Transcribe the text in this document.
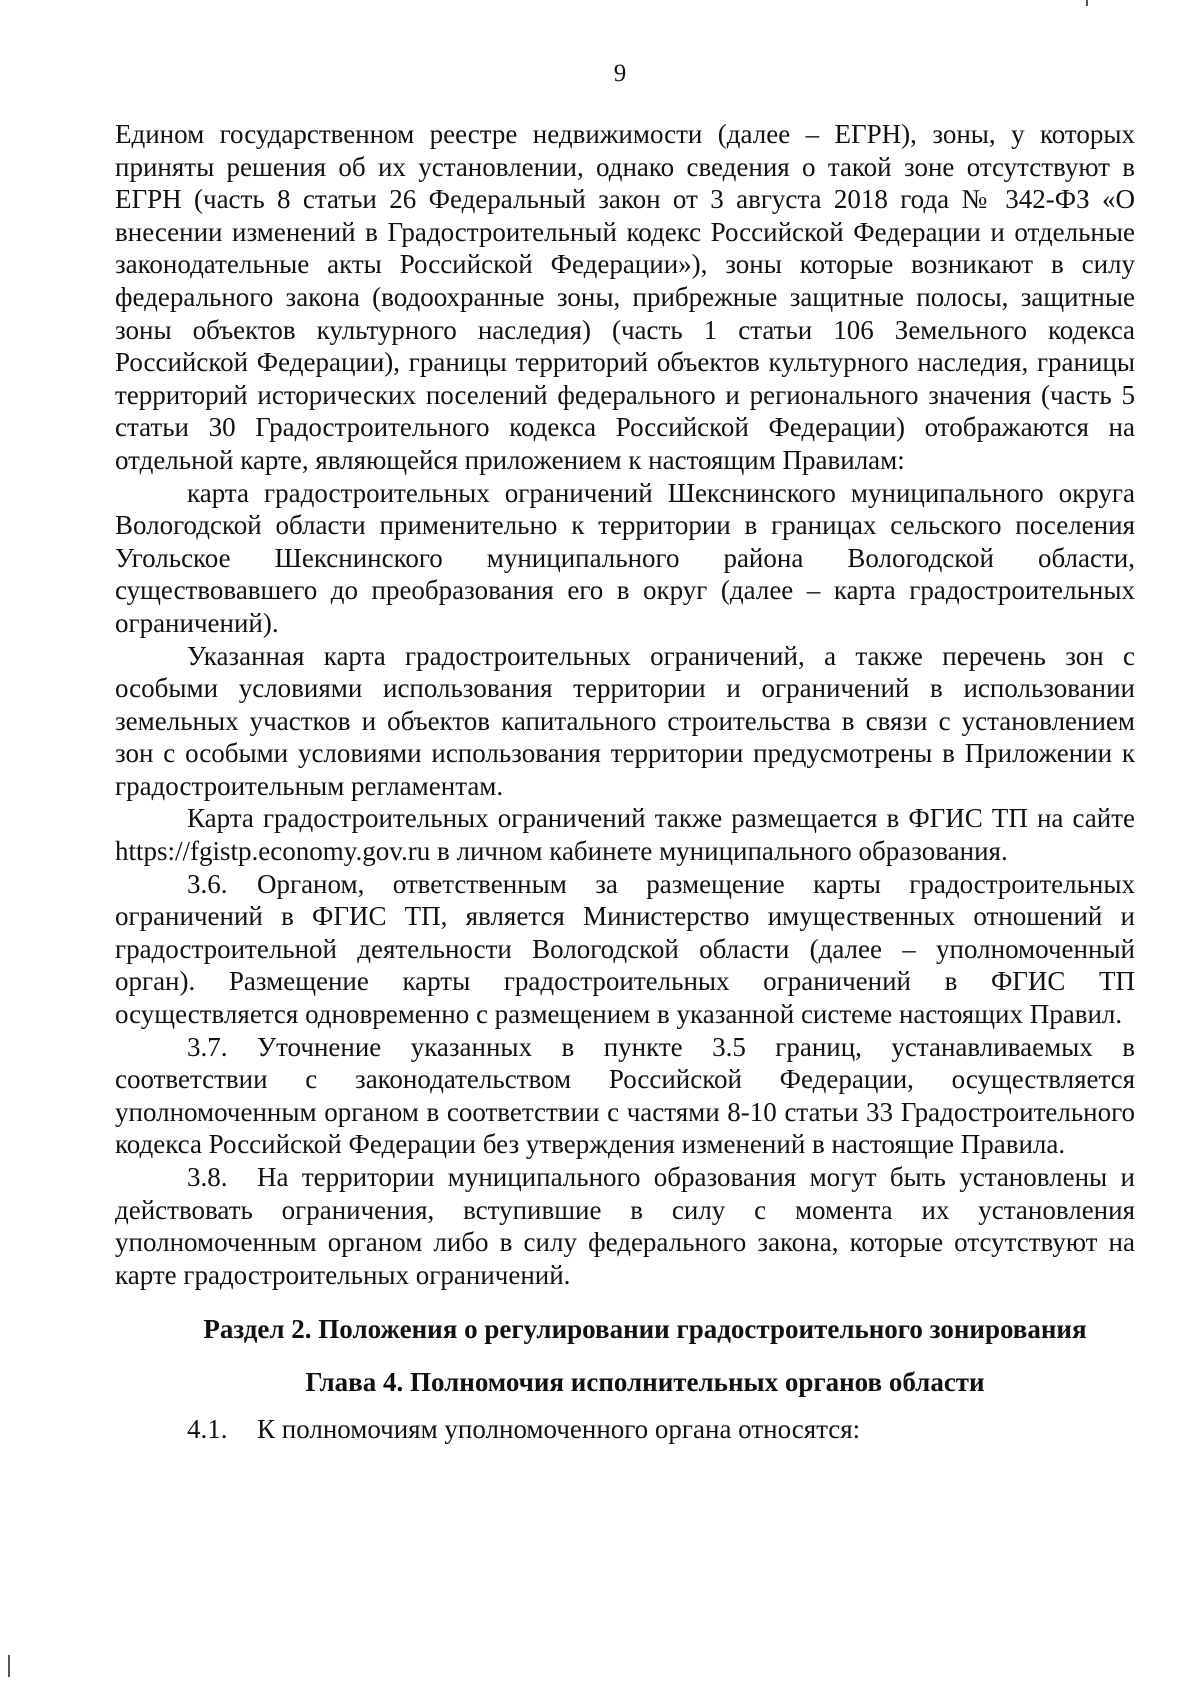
9

Едином государственном реестре недвижимости (далее – ЕГРН), зоны, у которых приняты решения об их установлении, однако сведения о такой зоне отсутствуют в ЕГРН (часть 8 статьи 26 Федеральный закон от 3 августа 2018 года № 342-ФЗ «О внесении изменений в Градостроительный кодекс Российской Федерации и отдельные законодательные акты Российской Федерации»), зоны которые возникают в силу федерального закона (водоохранные зоны, прибрежные защитные полосы, защитные зоны объектов культурного наследия) (часть 1 статьи 106 Земельного кодекса Российской Федерации), границы территорий объектов культурного наследия, границы территорий исторических поселений федерального и регионального значения (часть 5 статьи 30 Градостроительного кодекса Российской Федерации) отображаются на отдельной карте, являющейся приложением к настоящим Правилам:

карта градостроительных ограничений Шекснинского муниципального округа Вологодской области применительно к территории в границах сельского поселения Угольское Шекснинского муниципального района Вологодской области, существовавшего до преобразования его в округ (далее – карта градостроительных ограничений).

Указанная карта градостроительных ограничений, а также перечень зон с особыми условиями использования территории и ограничений в использовании земельных участков и объектов капитального строительства в связи с установлением зон с особыми условиями использования территории предусмотрены в Приложении к градостроительным регламентам.

Карта градостроительных ограничений также размещается в ФГИС ТП на сайте https://fgistp.economy.gov.ru в личном кабинете муниципального образования.

3.6. Органом, ответственным за размещение карты градостроительных ограничений в ФГИС ТП, является Министерство имущественных отношений и градостроительной деятельности Вологодской области (далее – уполномоченный орган). Размещение карты градостроительных ограничений в ФГИС ТП осуществляется одновременно с размещением в указанной системе настоящих Правил.

3.7. Уточнение указанных в пункте 3.5 границ, устанавливаемых в соответствии с законодательством Российской Федерации, осуществляется уполномоченным органом в соответствии с частями 8-10 статьи 33 Градостроительного кодекса Российской Федерации без утверждения изменений в настоящие Правила.

3.8. На территории муниципального образования могут быть установлены и действовать ограничения, вступившие в силу с момента их установления уполномоченным органом либо в силу федерального закона, которые отсутствуют на карте градостроительных ограничений.

Раздел 2. Положения о регулировании градостроительного зонирования

Глава 4. Полномочия исполнительных органов области

4.1. К полномочиям уполномоченного органа относятся:
